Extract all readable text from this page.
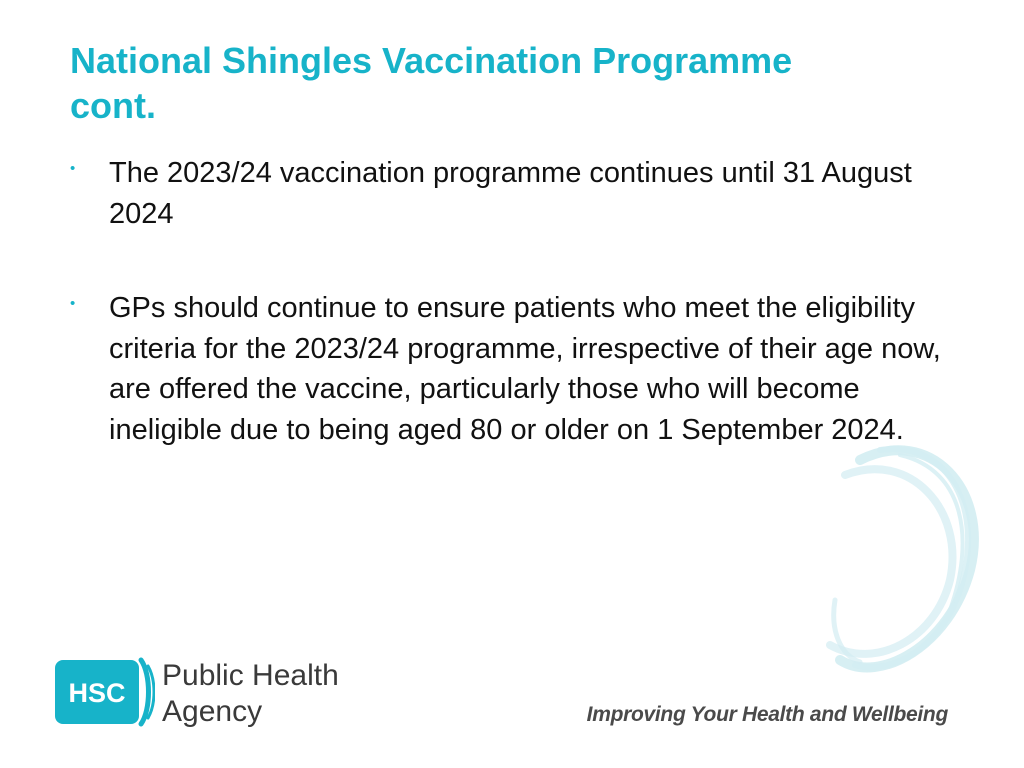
National Shingles Vaccination Programme
cont.
• The 2023/24 vaccination programme continues until 31 August 2024
• GPs should continue to ensure patients who meet the eligibility criteria for the 2023/24 programme, irrespective of their age now, are offered the vaccine, particularly those who will become ineligible due to being aged 80 or older on 1 September 2024.
HSC
Public Health
Agency	Improving Your Health and Wellbeing
